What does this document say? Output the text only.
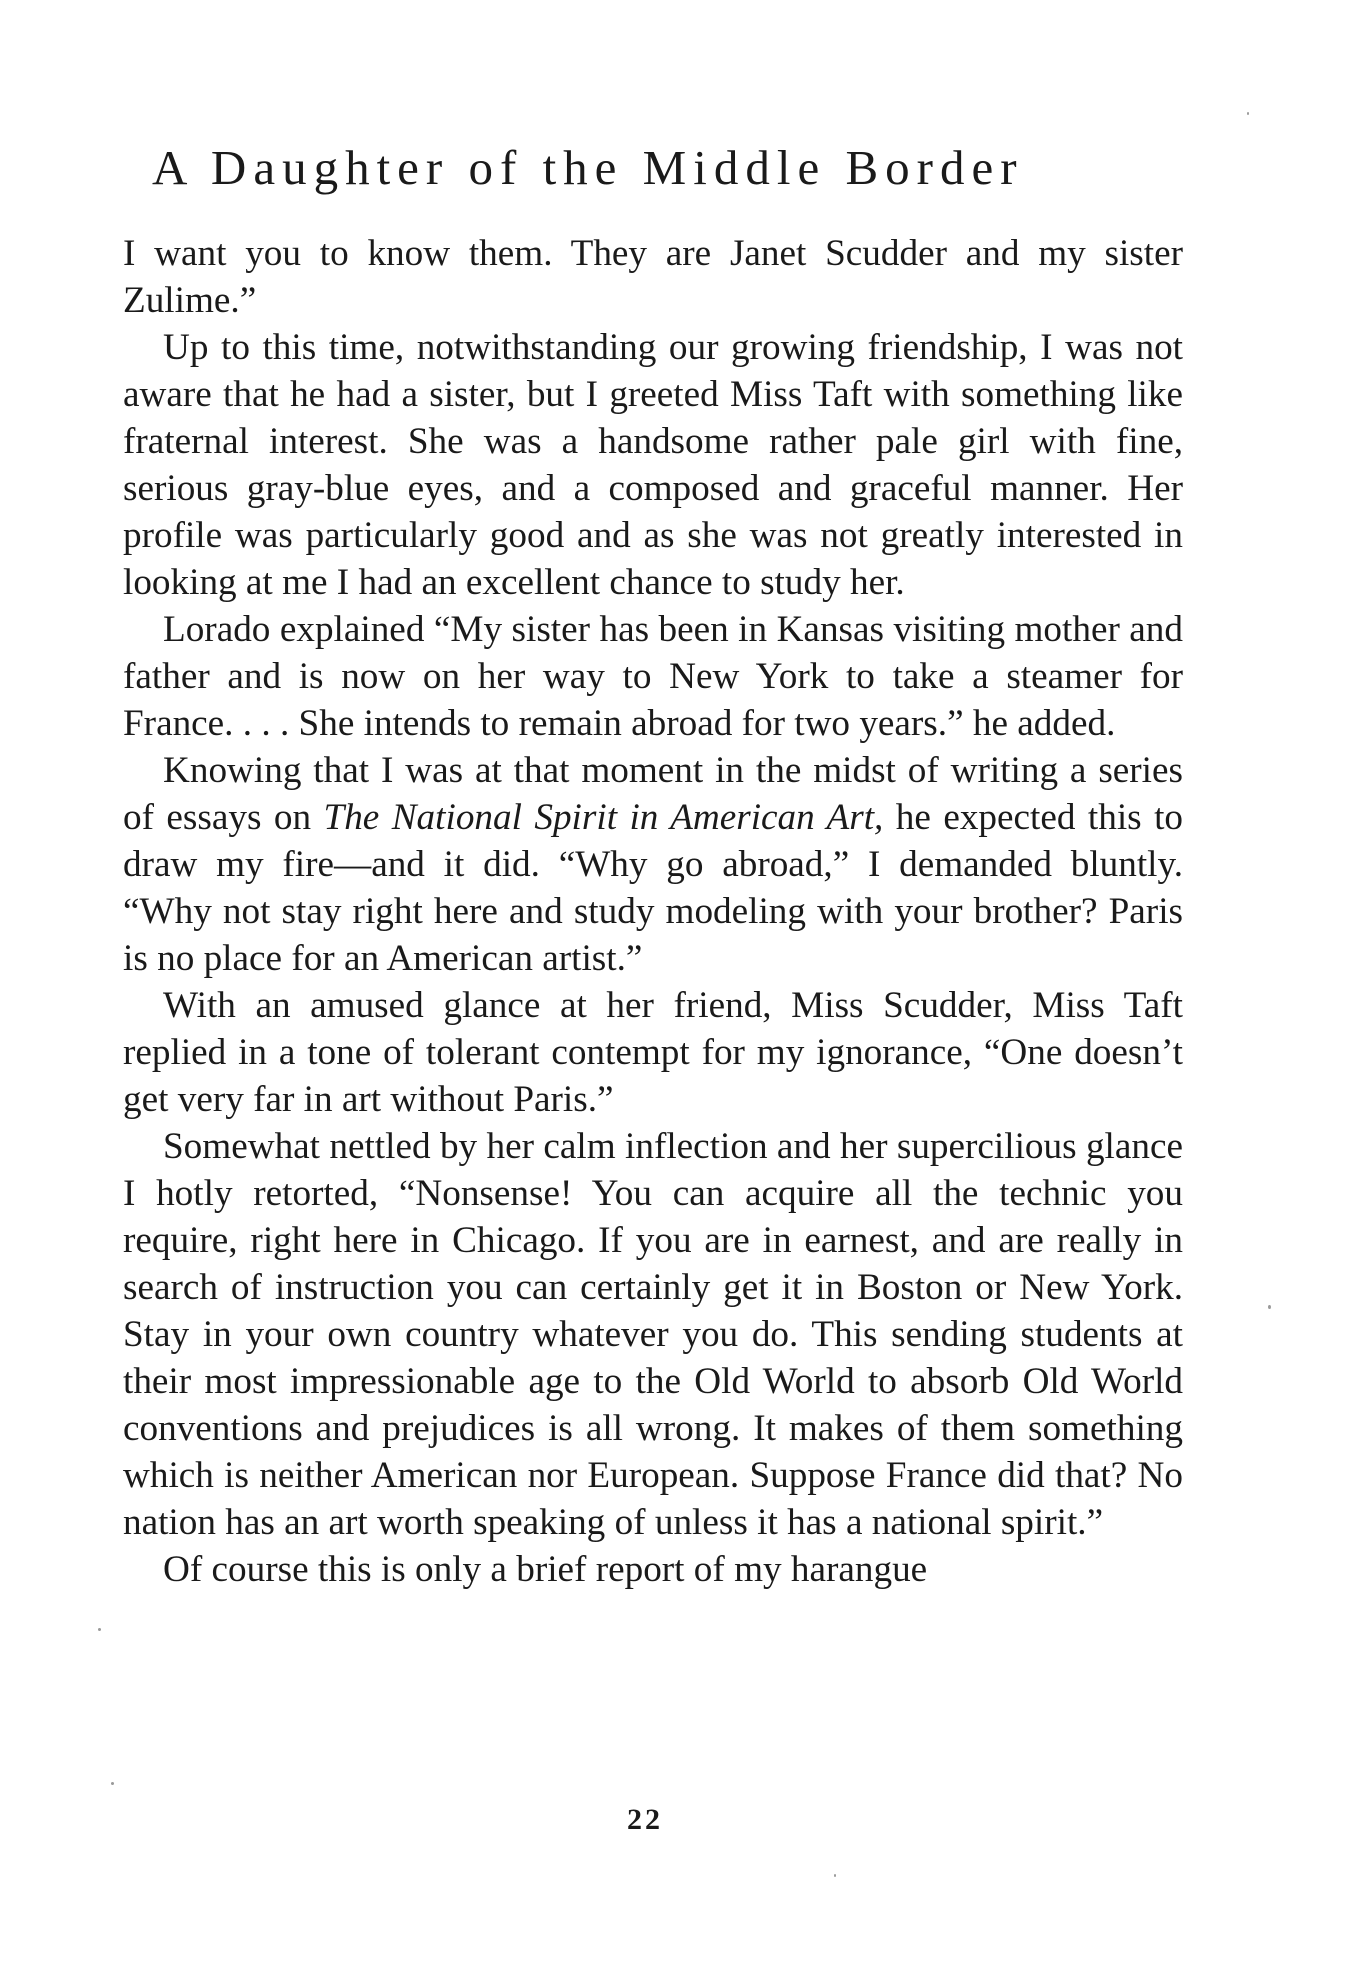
A Daughter of the Middle Border

I want you to know them. They are Janet Scudder and my sister Zulime.”

Up to this time, notwithstanding our growing friendship, I was not aware that he had a sister, but I greeted Miss Taft with something like fraternal interest. She was a handsome rather pale girl with fine, serious gray-blue eyes, and a composed and graceful manner. Her profile was particularly good and as she was not greatly interested in looking at me I had an excellent chance to study her.

Lorado explained “My sister has been in Kansas visiting mother and father and is now on her way to New York to take a steamer for France. . . . She intends to remain abroad for two years.” he added.

Knowing that I was at that moment in the midst of writing a series of essays on The National Spirit in American Art, he expected this to draw my fire—and it did. “Why go abroad,” I demanded bluntly. “Why not stay right here and study modeling with your brother? Paris is no place for an American artist.”

With an amused glance at her friend, Miss Scudder, Miss Taft replied in a tone of tolerant contempt for my ignorance, “One doesn’t get very far in art without Paris.”

Somewhat nettled by her calm inflection and her supercilious glance I hotly retorted, “Nonsense! You can acquire all the technic you require, right here in Chicago. If you are in earnest, and are really in search of instruction you can certainly get it in Boston or New York. Stay in your own country whatever you do. This sending students at their most impressionable age to the Old World to absorb Old World conventions and prejudices is all wrong. It makes of them something which is neither American nor European. Suppose France did that? No nation has an art worth speaking of unless it has a national spirit.”

Of course this is only a brief report of my harangue

22
